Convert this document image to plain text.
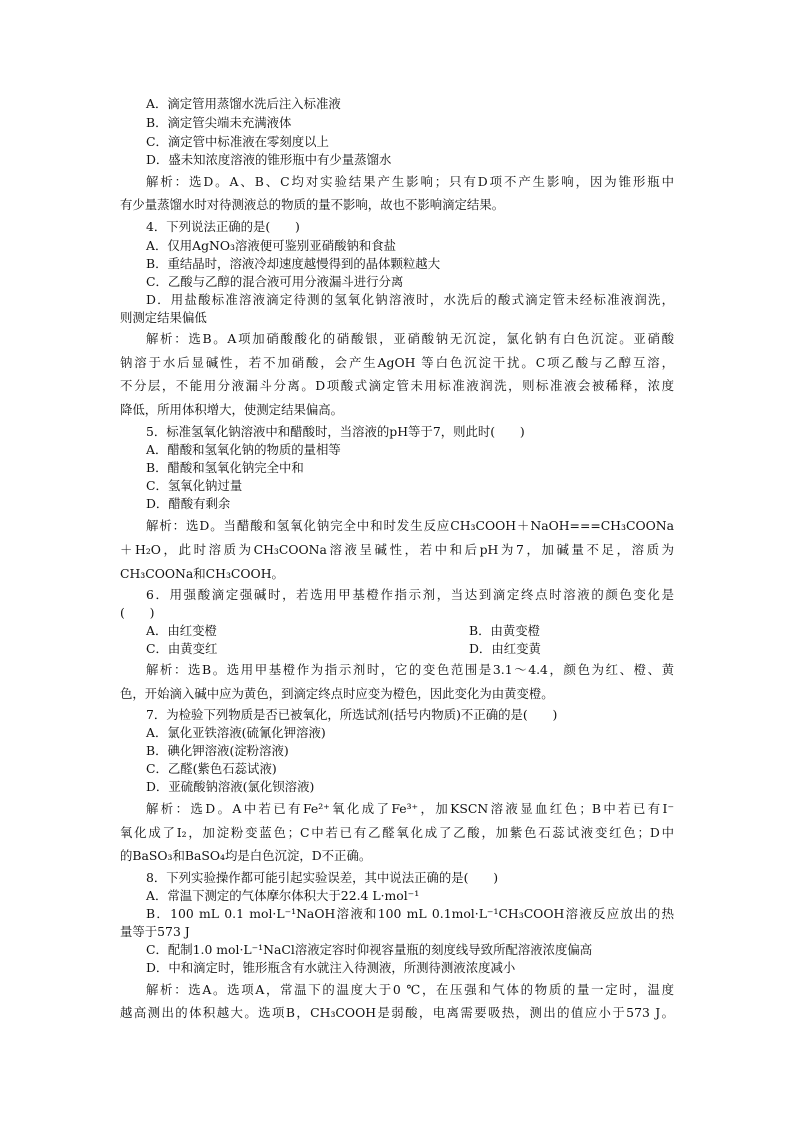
A．滴定管用蒸馏水洗后注入标准液
B．滴定管尖端未充满液体
C．滴定管中标准液在零刻度以上
D．盛未知浓度溶液的锥形瓶中有少量蒸馏水
解析：选D。A、B、C均对实验结果产生影响；只有D项不产生影响，因为锥形瓶中
有少量蒸馏水时对待测液总的物质的量不影响，故也不影响滴定结果。
4．下列说法正确的是(　　)
A．仅用AgNO₃溶液便可鉴别亚硝酸钠和食盐
B．重结晶时，溶液冷却速度越慢得到的晶体颗粒越大
C．乙酸与乙醇的混合液可用分液漏斗进行分离
D．用盐酸标准溶液滴定待测的氢氧化钠溶液时，水洗后的酸式滴定管未经标准液润洗，
则测定结果偏低
解析：选B。A项加硝酸酸化的硝酸银，亚硝酸钠无沉淀，氯化钠有白色沉淀。亚硝酸
钠溶于水后显碱性，若不加硝酸，会产生AgOH 等白色沉淀干扰。C项乙酸与乙醇互溶，
不分层，不能用分液漏斗分离。D项酸式滴定管未用标准液润洗，则标准液会被稀释，浓度
降低，所用体积增大，使测定结果偏高。
5．标准氢氧化钠溶液中和醋酸时，当溶液的pH等于7，则此时(　　)
A．醋酸和氢氧化钠的物质的量相等
B．醋酸和氢氧化钠完全中和
C．氢氧化钠过量
D．醋酸有剩余
解析：选D。当醋酸和氢氧化钠完全中和时发生反应CH₃COOH＋NaOH===CH₃COONa
＋H₂O，此时溶质为CH₃COONa溶液呈碱性，若中和后pH为7，加碱量不足，溶质为
CH₃COONa和CH₃COOH。
6．用强酸滴定强碱时，若选用甲基橙作指示剂，当达到滴定终点时溶液的颜色变化是
(　　)
A．由红变橙	B．由黄变橙
C．由黄变红	D．由红变黄
解析：选B。选用甲基橙作为指示剂时，它的变色范围是3.1～4.4，颜色为红、橙、黄
色，开始滴入碱中应为黄色，到滴定终点时应变为橙色，因此变化为由黄变橙。
7．为检验下列物质是否已被氧化，所选试剂(括号内物质)不正确的是(　　)
A．氯化亚铁溶液(硫氰化钾溶液)
B．碘化钾溶液(淀粉溶液)
C．乙醛(紫色石蕊试液)
D．亚硫酸钠溶液(氯化钡溶液)
解析：选D。A中若已有Fe²⁺氧化成了Fe³⁺，加KSCN溶液显血红色；B中若已有I⁻
氧化成了I₂，加淀粉变蓝色；C中若已有乙醛氧化成了乙酸，加紫色石蕊试液变红色；D中
的BaSO₃和BaSO₄均是白色沉淀，D不正确。
8．下列实验操作都可能引起实验误差，其中说法正确的是(　　)
A．常温下测定的气体摩尔体积大于22.4 L·mol⁻¹
B．100 mL 0.1 mol·L⁻¹NaOH溶液和100 mL 0.1mol·L⁻¹CH₃COOH溶液反应放出的热
量等于573 J
C．配制1.0 mol·L⁻¹NaCl溶液定容时仰视容量瓶的刻度线导致所配溶液浓度偏高
D．中和滴定时，锥形瓶含有水就注入待测液，所测待测液浓度减小
解析：选A。选项A，常温下的温度大于0 ℃，在压强和气体的物质的量一定时，温度
越高测出的体积越大。选项B，CH₃COOH是弱酸，电离需要吸热，测出的值应小于573 J。
